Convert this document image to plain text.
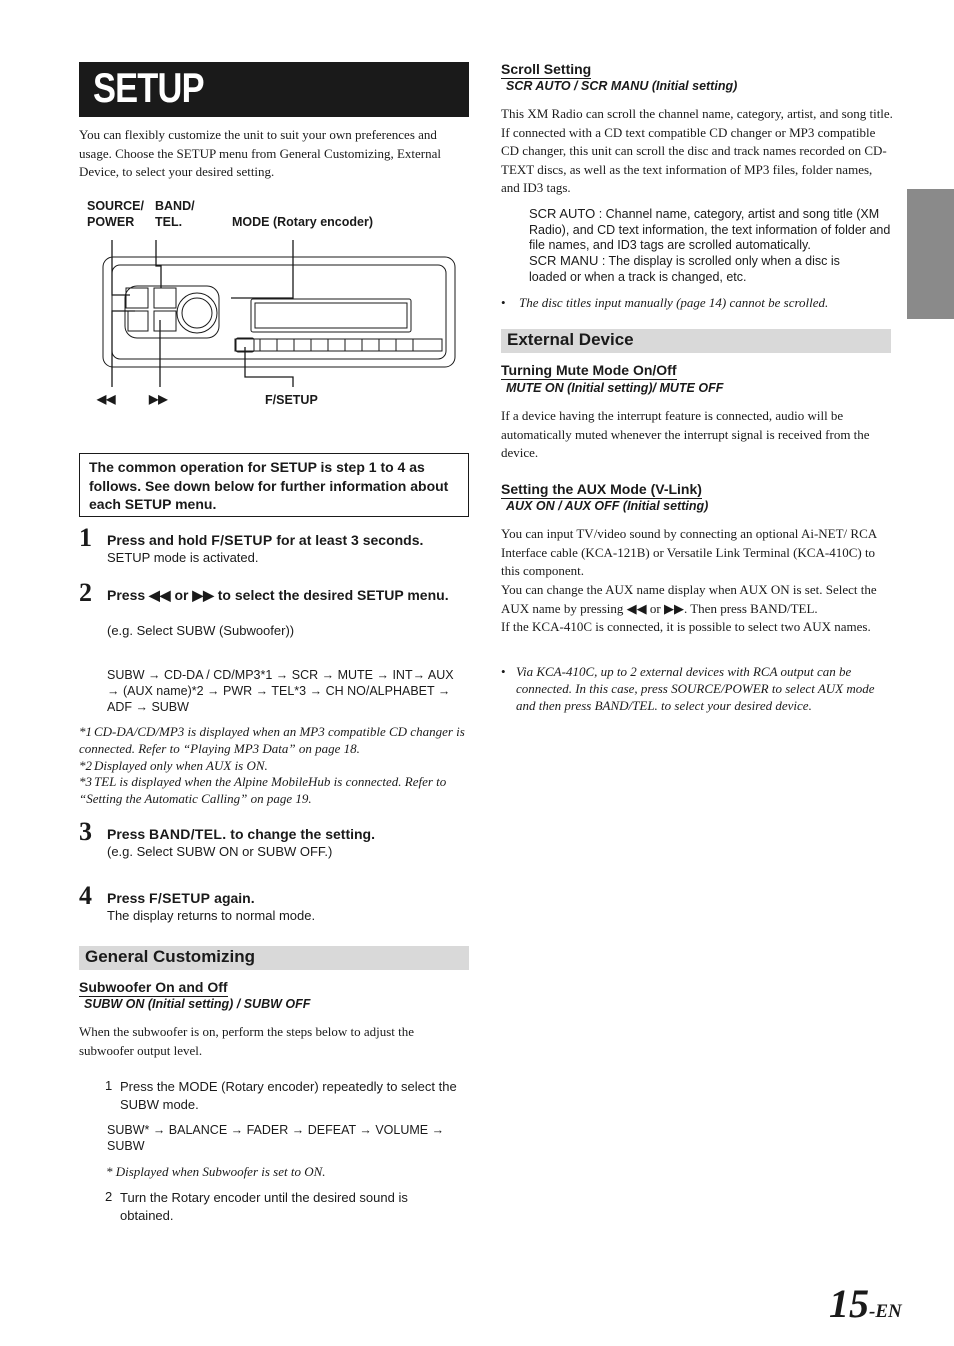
SETUP

You can flexibly customize the unit to suit your own preferences and usage. Choose the SETUP menu from General Customizing, External Device, to select your desired setting.

SOURCE/
POWER
BAND/
TEL.	MODE (Rotary encoder)
◀◀	▶▶	F/SETUP
The common operation for SETUP is step 1 to 4 as follows. See down below for further information about each SETUP menu.
1 Press and hold F/SETUP for at least 3 seconds.
SETUP mode is activated.
2 Press ◀◀ or ▶▶ to select the desired SETUP menu.
(e.g. Select SUBW (Subwoofer))
SUBW → CD-DA / CD/MP3*1 → SCR → MUTE → INT→ AUX → (AUX name)*2 → PWR → TEL*3 → CH NO/ALPHABET → ADF → SUBW
*1 CD-DA/CD/MP3 is displayed when an MP3 compatible CD changer is connected. Refer to “Playing MP3 Data” on page 18.
*2 Displayed only when AUX is ON.
*3 TEL is displayed when the Alpine MobileHub is connected. Refer to “Setting the Automatic Calling” on page 19.
3 Press BAND/TEL. to change the setting.
(e.g. Select SUBW ON or SUBW OFF.)
4 Press F/SETUP again.
The display returns to normal mode.
General Customizing
Subwoofer On and Off
SUBW ON (Initial setting) / SUBW OFF

When the subwoofer is on, perform the steps below to adjust the subwoofer output level.

1 Press the MODE (Rotary encoder) repeatedly to select the SUBW mode.
SUBW* → BALANCE → FADER → DEFEAT → VOLUME → SUBW
* Displayed when Subwoofer is set to ON.
2 Turn the Rotary encoder until the desired sound is obtained.
Scroll Setting
SCR AUTO / SCR MANU (Initial setting)

This XM Radio can scroll the channel name, category, artist, and song title. If connected with a CD text compatible CD changer or MP3 compatible CD changer, this unit can scroll the disc and track names recorded on CD-TEXT discs, as well as the text information of MP3 files, folder names, and ID3 tags.

SCR AUTO : Channel name, category, artist and song title (XM Radio), and CD text information, the text information of folder and file names, and ID3 tags are scrolled automatically.
SCR MANU : The display is scrolled only when a disc is loaded or when a track is changed, etc.
• The disc titles input manually (page 14) cannot be scrolled.
External Device
Turning Mute Mode On/Off
MUTE ON (Initial setting)/ MUTE OFF

If a device having the interrupt feature is connected, audio will be automatically muted whenever the interrupt signal is received from the device.

Setting the AUX Mode (V-Link)
AUX ON / AUX OFF (Initial setting)

You can input TV/video sound by connecting an optional Ai-NET/ RCA Interface cable (KCA-121B) or Versatile Link Terminal (KCA-410C) to this component.

You can change the AUX name display when AUX ON is set. Select the AUX name by pressing ◀◀ or ▶▶. Then press BAND/TEL.

If the KCA-410C is connected, it is possible to select two AUX names.

• Via KCA-410C, up to 2 external devices with RCA output can be connected. In this case, press SOURCE/POWER to select AUX mode and then press BAND/TEL. to select your desired device.
15-EN
